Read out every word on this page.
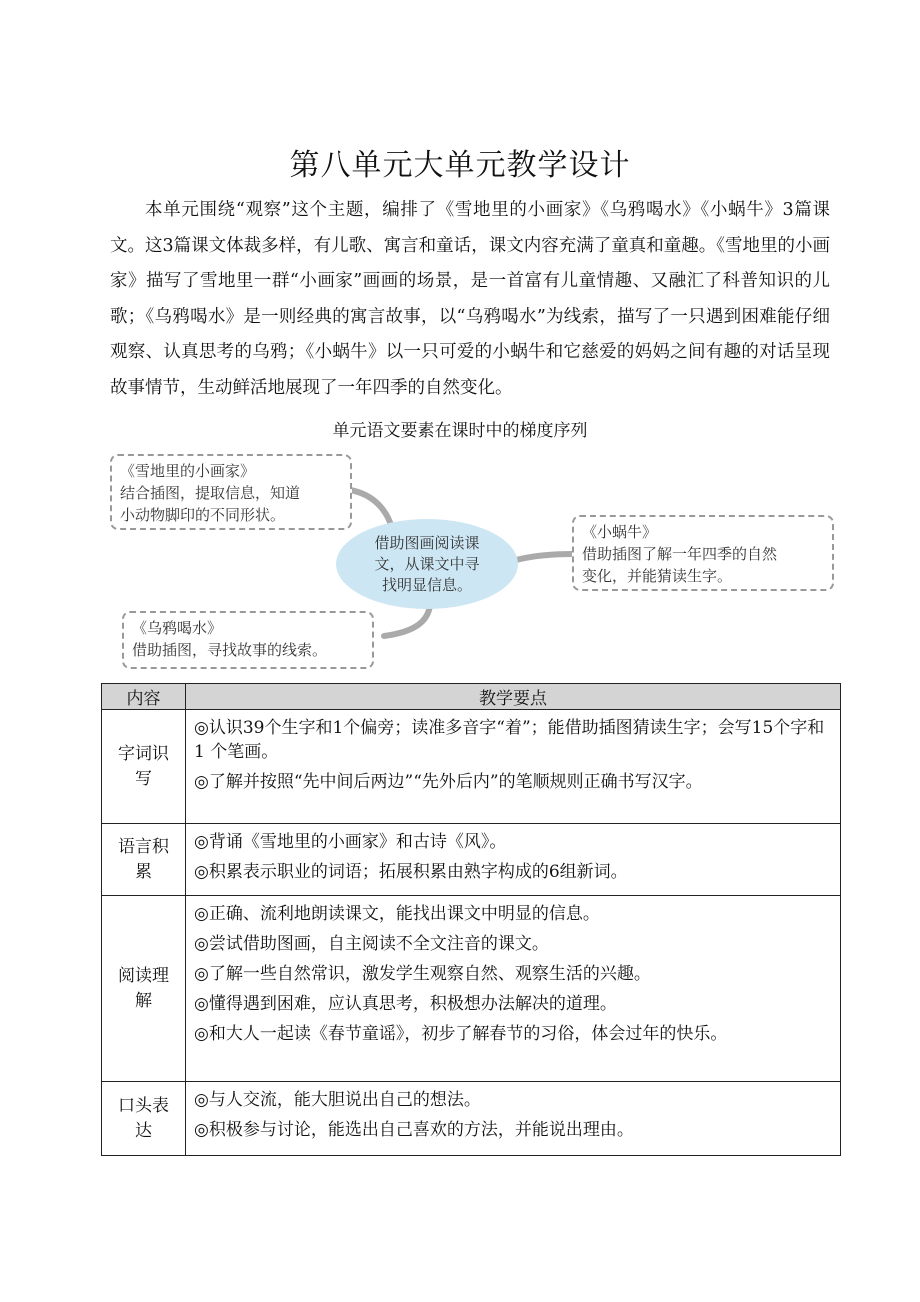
第八单元大单元教学设计

本单元围绕“观察”这个主题，编排了《雪地里的小画家》《乌鸦喝水》《小蜗牛》3篇课文。这3篇课文体裁多样，有儿歌、寓言和童话，课文内容充满了童真和童趣。《雪地里的小画家》描写了雪地里一群“小画家”画画的场景，是一首富有儿童情趣、又融汇了科普知识的儿歌；《乌鸦喝水》是一则经典的寓言故事，以“乌鸦喝水”为线索，描写了一只遇到困难能仔细观察、认真思考的乌鸦；《小蜗牛》以一只可爱的小蜗牛和它慈爱的妈妈之间有趣的对话呈现故事情节，生动鲜活地展现了一年四季的自然变化。

单元语文要素在课时中的梯度序列
《雪地里的小画家》
结合插图，提取信息，知道
小动物脚印的不同形状。
借助图画阅读课
文，从课文中寻
找明显信息。
《小蜗牛》
借助插图了解一年四季的自然
变化，并能猜读生字。
《乌鸦喝水》
借助插图，寻找故事的线索。
内容	教学要点
字词识写	◎认识39个生字和1个偏旁；读准多音字“着”；能借助插图猜读生字；会写15个字和1 个笔画。
◎了解并按照“先中间后两边”“先外后内”的笔顺规则正确书写汉字。

语言积累	◎背诵《雪地里的小画家》和古诗《风》。
◎积累表示职业的词语；拓展积累由熟字构成的6组新词。

阅读理解	◎正确、流利地朗读课文，能找出课文中明显的信息。
◎尝试借助图画，自主阅读不全文注音的课文。
◎了解一些自然常识，激发学生观察自然、观察生活的兴趣。
◎懂得遇到困难，应认真思考，积极想办法解决的道理。
◎和大人一起读《春节童谣》，初步了解春节的习俗，体会过年的快乐。

口头表达	◎与人交流，能大胆说出自己的想法。
◎积极参与讨论，能选出自己喜欢的方法，并能说出理由。
